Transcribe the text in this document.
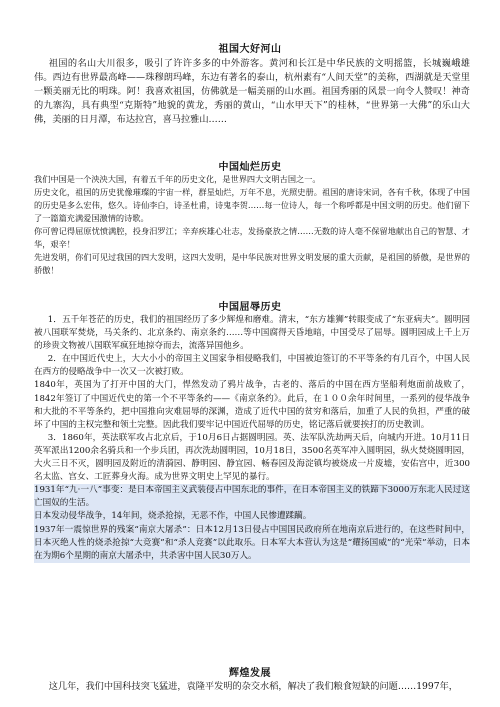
祖国大好河山

祖国的名山大川很多，吸引了许许多多的中外游客。黄河和长江是中华民族的文明摇篮，长城巍峨雄伟。西边有世界最高峰——珠穆朗玛峰，东边有著名的泰山，杭州素有“人间天堂”的美称，西湖就是天堂里一颗美丽无比的明珠。阿！我喜欢祖国，仿佛就是一幅美丽的山水画。祖国秀丽的风景一向令人赞叹！神奇的九寨沟，具有典型“克斯特”地貌的黄龙，秀丽的黄山，“山水甲天下”的桂林，“世界第一大佛”的乐山大佛，美丽的日月潭，布达拉宫，喜马拉雅山……

中国灿烂历史

我们中国是一个泱泱大国，有着五千年的历史文化，是世界四大文明古国之一。

历史文化，祖国的历史犹像璀璨的宇宙一样，群星灿烂，万年不息，光照史册。祖国的唐诗宋词，各有千秋，体现了中国的历史是多么宏伟，悠久。诗仙李白，诗圣杜甫，诗鬼李贺……每一位诗人，每一个称呼都是中国文明的历史。他们留下了一篇篇充满爱国激情的诗歌。

你可曾记得屈原忧愤满腔，投身汨罗江；辛弃疾雄心壮志，发扬豪放之情……无数的诗人毫不保留地献出自己的智慧、才华，艰辛！

先进发明，你们可见过我国的四大发明，这四大发明，是中华民族对世界文明发展的重大贡献，是祖国的骄傲，是世界的骄傲！

中国屈辱历史

1．五千年苍茫的历史，我们的祖国经历了多少辉煌和磨难。清末，“东方雄狮”转眼变成了“东亚病夫”。圆明园被八国联军焚烧，马关条约、北京条约、南京条约……等中国腐得天昏地暗，中国受尽了屈辱。圆明园成上千上万的珍贵文物被八国联军疯狂地掠夺而去，流落异国他乡。

2．在中国近代史上，大大小小的帝国主义国家争相侵略我们，中国被迫签订的不平等条约有几百个，中国人民在西方的侵略战争中一次又一次被打败。

1840年，英国为了打开中国的大门，悍然发动了鸦片战争，古老的、落后的中国在西方坚船利炮面前战败了，1842年签订了中国近代史的第一个不平等条约——《南京条约》。此后，在１００余年时间里，一系列的侵华战争和大批的不平等条约，把中国推向灾难屈辱的深渊，造成了近代中国的贫穷和落后，加重了人民的负担，严重的破坏了中国的主权完整和领土完整。因此我们要牢记中国近代屈辱的历史，铭记落后就要挨打的历史教训。

3．1860年，英法联军攻占北京后，于10月6日占据圆明园。英、法军队洗劫两天后，向城内开进。10月11日英军派出1200余名骑兵和一个步兵团，再次洗劫圆明园，10月18日，3500名英军冲入圆明园，纵火焚烧圆明园，大火三日不灭，圆明园及附近的清漪园、静明园、静宜园、畅春园及海淀镇均被烧成一片废墟，安佑宫中，近300名太监、宫女、工匠葬身火海。成为世界文明史上罕见的暴行。

1931年“九·一八”事变：是日本帝国主义武装侵占中国东北的事件，在日本帝国主义的铁蹄下3000万东北人民过这亡国奴的生活。

日本发动侵华战争，14年间，烧杀抢掠，无恶不作，中国人民惨遭蹂躏。

1937年一震惊世界的残案“南京大屠杀”：日本12月13日侵占中国国民政府所在地南京后进行的，在这些时间中，日本灭绝人性的烧杀抢掠“大竞赛”和“杀人竞赛”以此取乐。日本军大本营认为这是“耀扬国威”的“光荣”举动，日本在为期6个星期的南京大屠杀中，共杀害中国人民30万人。

辉煌发展

这几年，我们中国科技突飞猛进，袁隆平发明的杂交水稻，解决了我们粮食短缺的问题……1997年，
